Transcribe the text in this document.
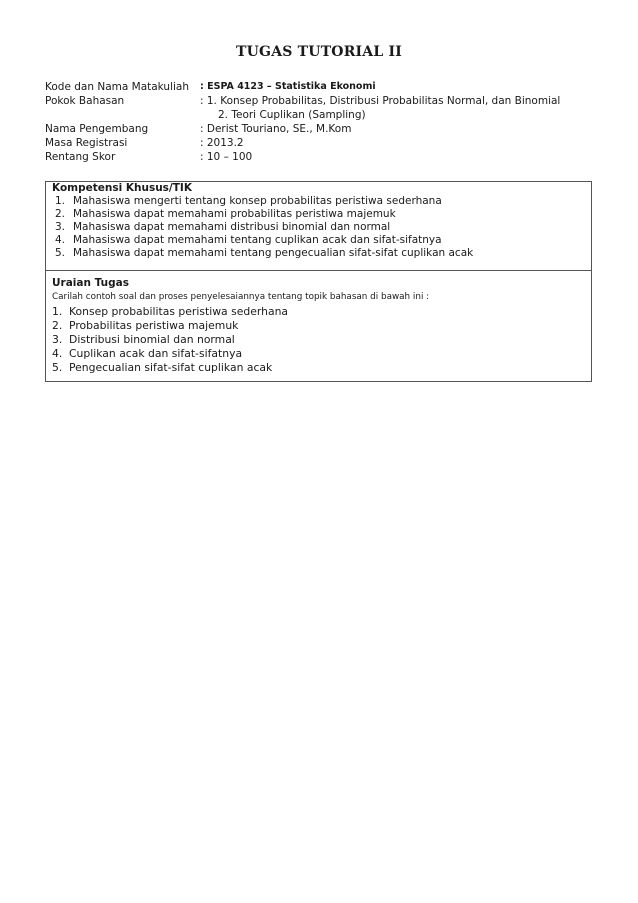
TUGAS TUTORIAL II
Kode dan Nama Matakuliah	: ESPA 4123 – Statistika Ekonomi
Pokok Bahasan	: 1. Konsep Probabilitas, Distribusi Probabilitas Normal, dan Binomial
2. Teori Cuplikan (Sampling)
Nama Pengembang	: Derist Touriano, SE., M.Kom
Masa Registrasi	: 2013.2
Rentang Skor	: 10 – 100
Kompetensi Khusus/TIK
1. Mahasiswa mengerti tentang konsep probabilitas peristiwa sederhana
2. Mahasiswa dapat memahami probabilitas peristiwa majemuk
3. Mahasiswa dapat memahami distribusi binomial dan normal
4. Mahasiswa dapat memahami tentang cuplikan acak dan sifat-sifatnya
5. Mahasiswa dapat memahami tentang pengecualian sifat-sifat cuplikan acak
Uraian Tugas
Carilah contoh soal dan proses penyelesaiannya tentang topik bahasan di bawah ini :
1. Konsep probabilitas peristiwa sederhana
2. Probabilitas peristiwa majemuk
3. Distribusi binomial dan normal
4. Cuplikan acak dan sifat-sifatnya
5. Pengecualian sifat-sifat cuplikan acak
